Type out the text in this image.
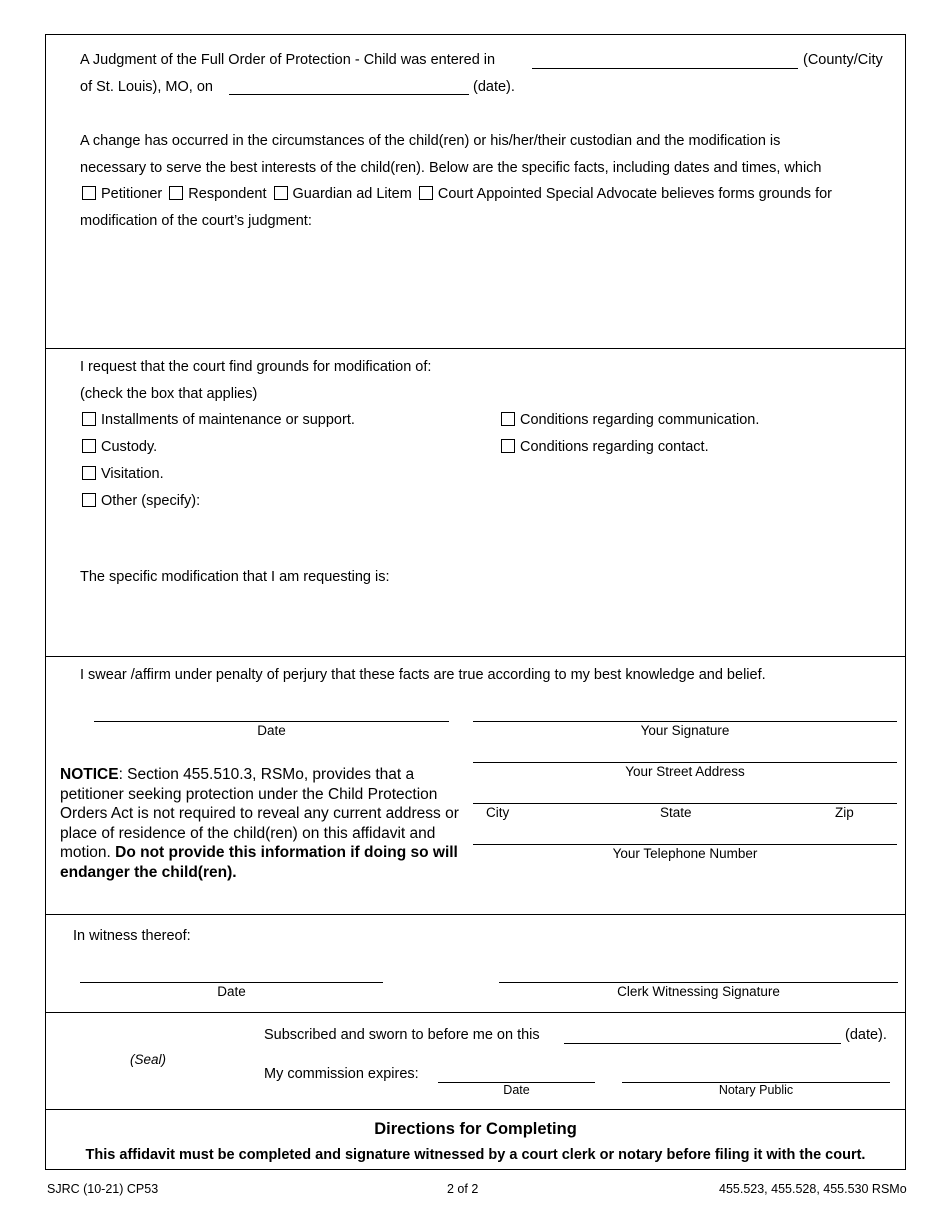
A Judgment of the Full Order of Protection - Child was entered in	(County/City
of St. Louis), MO, on	(date).
A change has occurred in the circumstances of the child(ren) or his/her/their custodian and the modification is
necessary to serve the best interests of the child(ren). Below are the specific facts, including dates and times, which
Petitioner Respondent Guardian ad Litem Court Appointed Special Advocate believes forms grounds for
modification of the court’s judgment:
I request that the court find grounds for modification of:
(check the box that applies)
Installments of maintenance or support.
Custody.
Visitation.
Other (specify):
Conditions regarding communication.
Conditions regarding contact.
The specific modification that I am requesting is:
I swear /affirm under penalty of perjury that these facts are true according to my best knowledge and belief.
Date	Your Signature
Your Street Address
City	State	Zip
Your Telephone Number
NOTICE: Section 455.510.3, RSMo, provides that a petitioner seeking protection under the Child Protection Orders Act is not required to reveal any current address or place of residence of the child(ren) on this affidavit and motion. Do not provide this information if doing so will endanger the child(ren).
In witness thereof:
Date	Clerk Witnessing Signature
(Seal)
Subscribed and sworn to before me on this	(date).
My commission expires:
Date	Notary Public
Directions for Completing
This affidavit must be completed and signature witnessed by a court clerk or notary before filing it with the court.
SJRC (10-21) CP53	2 of 2	455.523, 455.528, 455.530 RSMo
